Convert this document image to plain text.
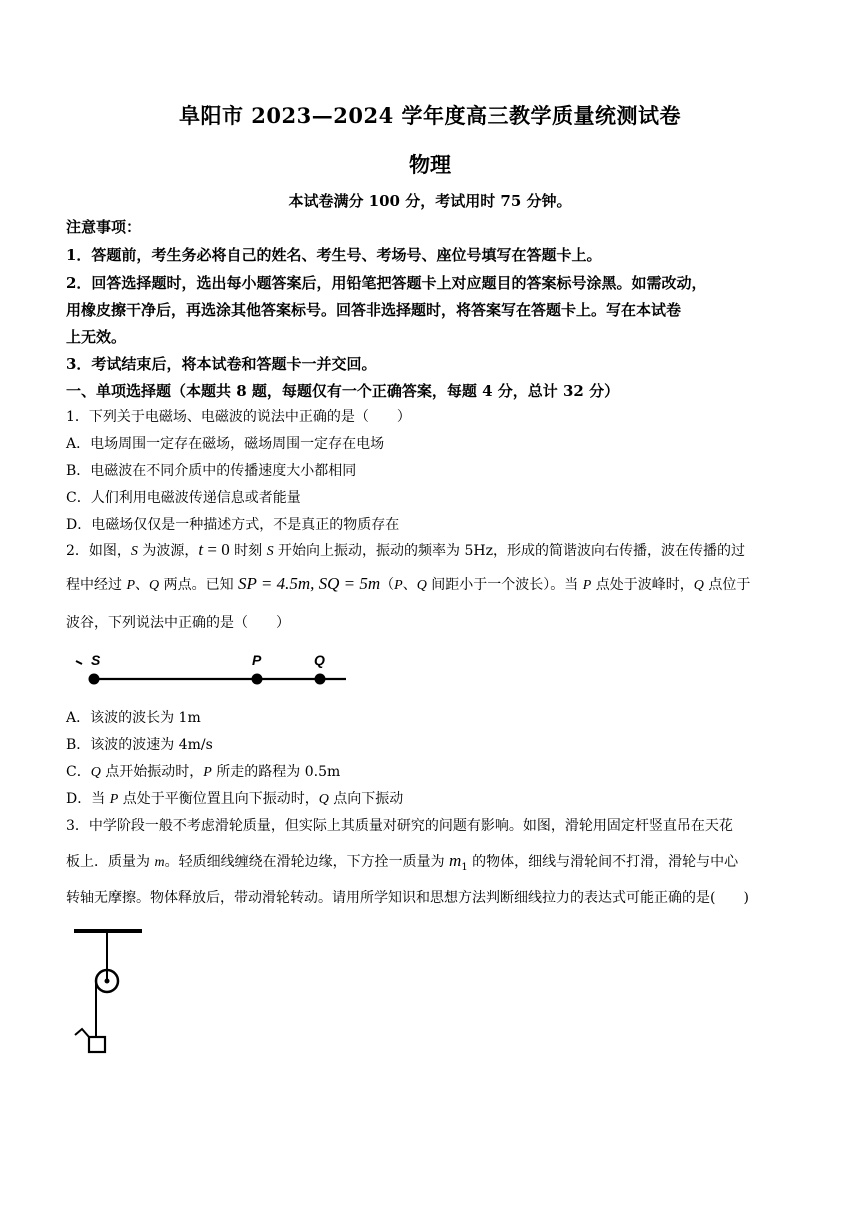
阜阳市 2023—2024 学年度高三教学质量统测试卷
物理
本试卷满分 100 分，考试用时 75 分钟。
注意事项：
1．答题前，考生务必将自己的姓名、考生号、考场号、座位号填写在答题卡上。
2．回答选择题时，选出每小题答案后，用铅笔把答题卡上对应题目的答案标号涂黑。如需改动，
用橡皮擦干净后，再选涂其他答案标号。回答非选择题时，将答案写在答题卡上。写在本试卷
上无效。
3．考试结束后，将本试卷和答题卡一并交回。
一、单项选择题（本题共 8 题，每题仅有一个正确答案，每题 4 分，总计 32 分）
1．下列关于电磁场、电磁波的说法中正确的是（　　）
A．电场周围一定存在磁场，磁场周围一定存在电场
B．电磁波在不同介质中的传播速度大小都相同
C．人们利用电磁波传递信息或者能量
D．电磁场仅仅是一种描述方式，不是真正的物质存在
2．如图，S 为波源，t = 0 时刻 S 开始向上振动，振动的频率为 5Hz，形成的简谐波向右传播，波在传播的过
程中经过 P、Q 两点。已知 SP = 4.5m, SQ = 5m（P、Q 间距小于一个波长）。当 P 点处于波峰时，Q 点位于
波谷，下列说法中正确的是（　　）
S	P	Q
A．该波的波长为 1m
B．该波的波速为 4m/s
C．Q 点开始振动时，P 所走的路程为 0.5m
D．当 P 点处于平衡位置且向下振动时，Q 点向下振动
3．中学阶段一般不考虑滑轮质量，但实际上其质量对研究的问题有影响。如图，滑轮用固定杆竖直吊在天花
板上．质量为 m。轻质细线缠绕在滑轮边缘，下方拴一质量为 $m_1$ 的物体，细线与滑轮间不打滑，滑轮与中心
转轴无摩擦。物体释放后，带动滑轮转动。请用所学知识和思想方法判断细线拉力的表达式可能正确的是(　　)
